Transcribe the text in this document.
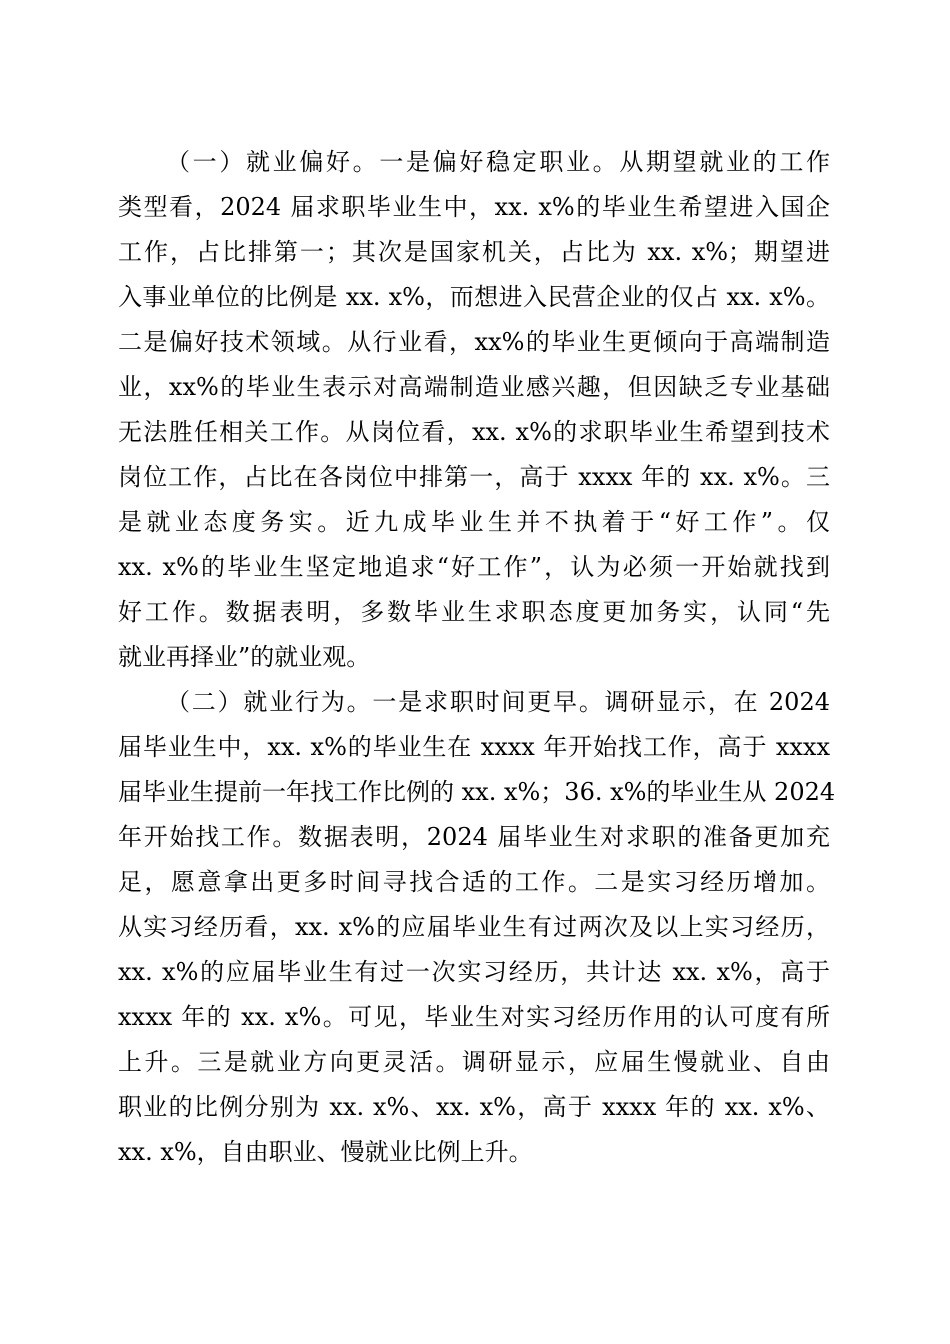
（一）就业偏好。一是偏好稳定职业。从期望就业的工作
类型看，2024 届求职毕业生中，xx. x%的毕业生希望进入国企
工作，占比排第一；其次是国家机关，占比为 xx. x%；期望进
入事业单位的比例是 xx. x%，而想进入民营企业的仅占 xx. x%。
二是偏好技术领域。从行业看，xx%的毕业生更倾向于高端制造
业，xx%的毕业生表示对高端制造业感兴趣，但因缺乏专业基础
无法胜任相关工作。从岗位看，xx. x%的求职毕业生希望到技术
岗位工作，占比在各岗位中排第一，高于 xxxx 年的 xx. x%。三
是就业态度务实。近九成毕业生并不执着于“好工作”。仅
xx. x%的毕业生坚定地追求“好工作”，认为必须一开始就找到
好工作。数据表明，多数毕业生求职态度更加务实，认同“先
就业再择业”的就业观。
（二）就业行为。一是求职时间更早。调研显示，在 2024
届毕业生中，xx. x%的毕业生在 xxxx 年开始找工作，高于 xxxx
届毕业生提前一年找工作比例的 xx. x%；36. x%的毕业生从 2024
年开始找工作。数据表明，2024 届毕业生对求职的准备更加充
足，愿意拿出更多时间寻找合适的工作。二是实习经历增加。
从实习经历看，xx. x%的应届毕业生有过两次及以上实习经历，
xx. x%的应届毕业生有过一次实习经历，共计达 xx. x%，高于
xxxx 年的 xx. x%。可见，毕业生对实习经历作用的认可度有所
上升。三是就业方向更灵活。调研显示，应届生慢就业、自由
职业的比例分别为 xx. x%、xx. x%，高于 xxxx 年的 xx. x%、
xx. x%，自由职业、慢就业比例上升。
